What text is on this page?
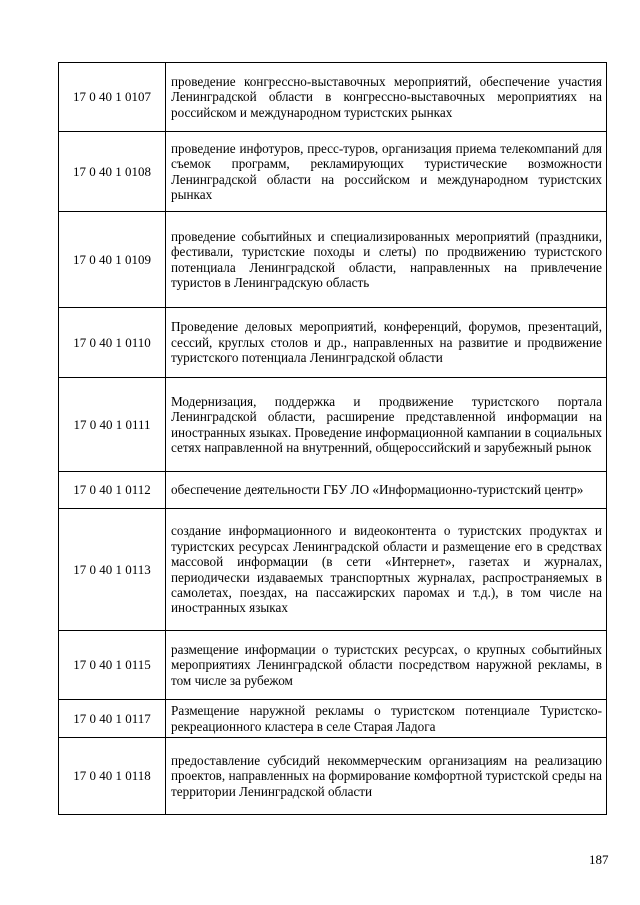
17 0 40 1 0107	проведение конгрессно-выставочных мероприятий, обеспечение участия Ленинградской области в конгрессно-выставочных мероприятиях на российском и международном туристских рынках
17 0 40 1 0108	проведение инфотуров, пресс-туров, организация приема телекомпаний для съемок программ, рекламирующих туристические возможности Ленинградской области на российском и международном туристских рынках
17 0 40 1 0109	проведение событийных и специализированных мероприятий (праздники, фестивали, туристские походы и слеты) по продвижению туристского потенциала Ленинградской области, направленных на привлечение туристов в Ленинградскую область
17 0 40 1 0110	Проведение деловых мероприятий, конференций, форумов, презентаций, сессий, круглых столов и др., направленных на развитие и продвижение туристского потенциала Ленинградской области
17 0 40 1 0111	Модернизация, поддержка и продвижение туристского портала Ленинградской области, расширение представленной информации на иностранных языках. Проведение информационной кампании в социальных сетях направленной на внутренний, общероссийский и зарубежный рынок
17 0 40 1 0112	обеспечение деятельности ГБУ ЛО «Информационно-туристский центр»
17 0 40 1 0113	создание информационного и видеоконтента о туристских продуктах и туристских ресурсах Ленинградской области и размещение его в средствах массовой информации (в сети «Интернет», газетах и журналах, периодически издаваемых транспортных журналах, распространяемых в самолетах, поездах, на пассажирских паромах и т.д.), в том числе на иностранных языках
17 0 40 1 0115	размещение информации о туристских ресурсах, о крупных событийных мероприятиях Ленинградской области посредством наружной рекламы, в том числе за рубежом
17 0 40 1 0117	Размещение наружной рекламы о туристском потенциале Туристско-рекреационного кластера в селе Старая Ладога
17 0 40 1 0118	предоставление субсидий некоммерческим организациям на реализацию проектов, направленных на формирование комфортной туристской среды на территории Ленинградской области
187
